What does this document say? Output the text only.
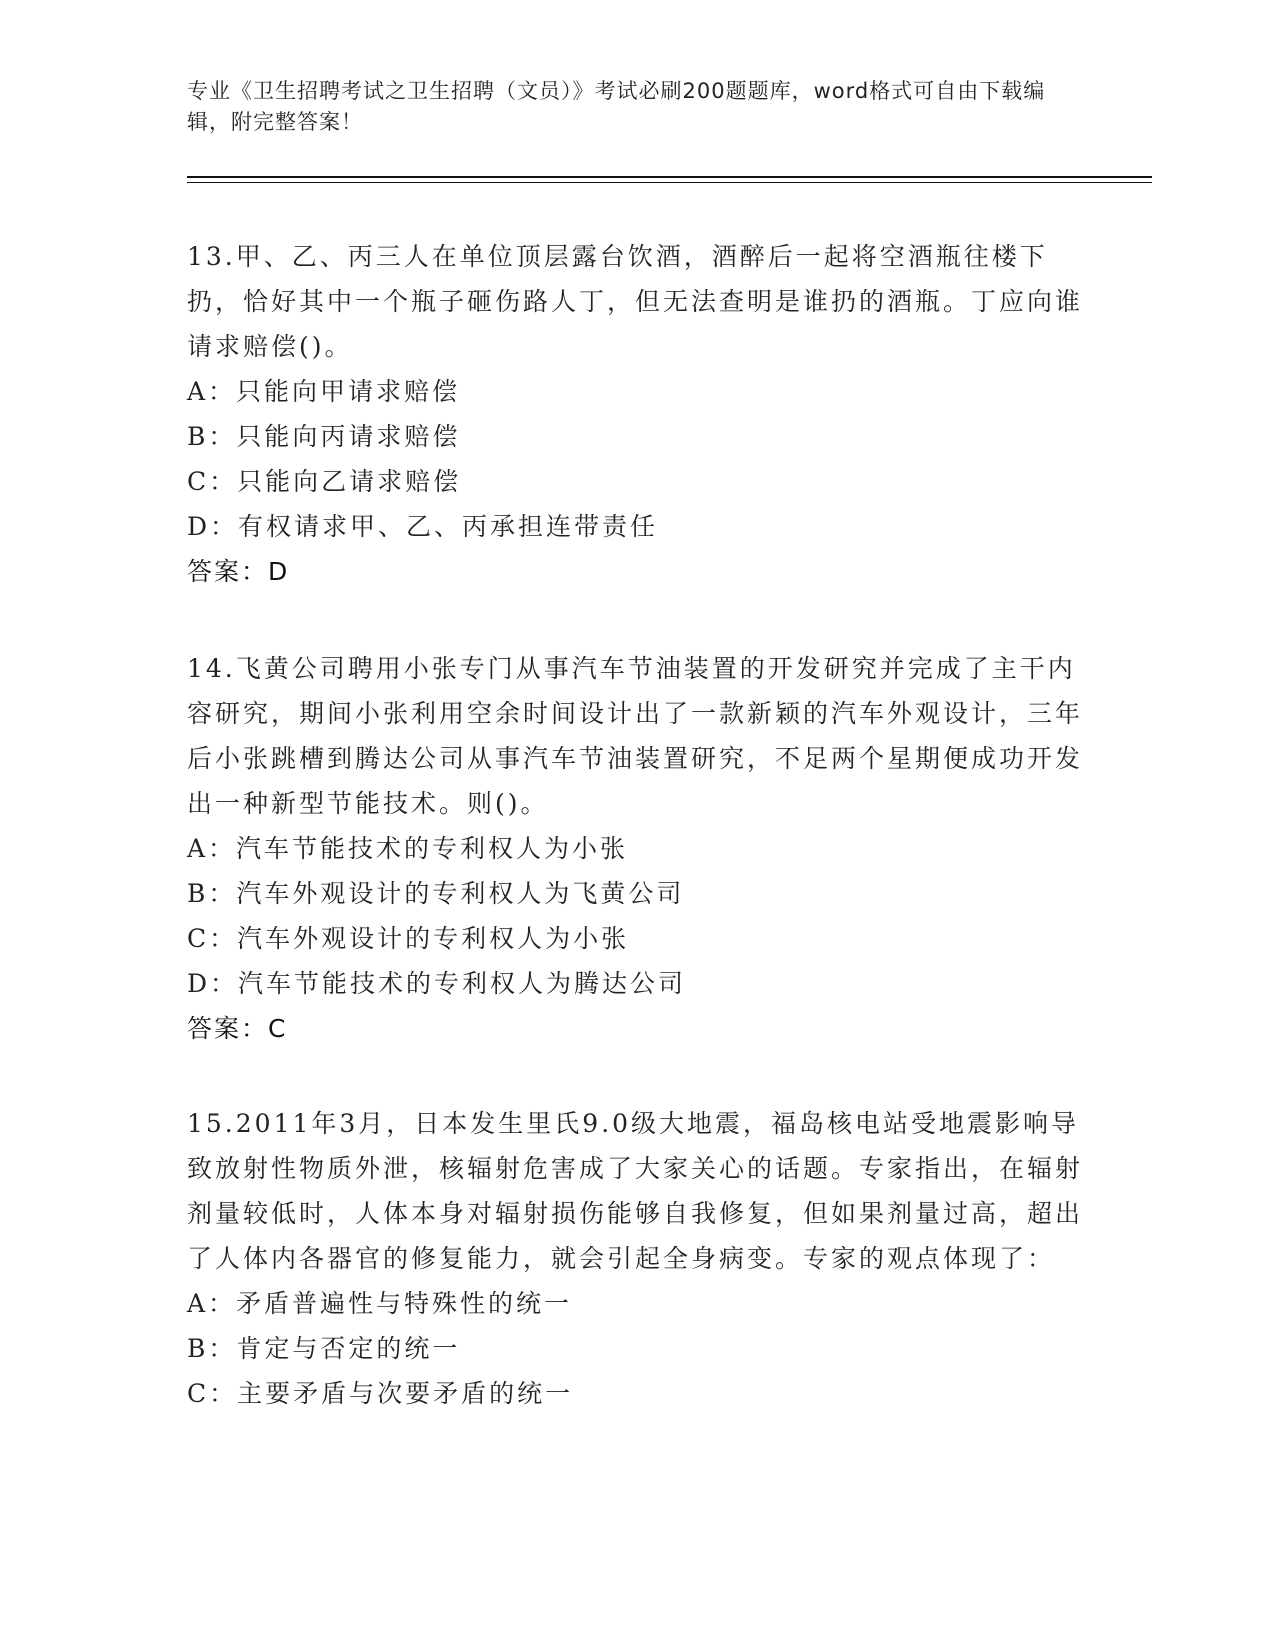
专业《卫生招聘考试之卫生招聘（文员）》考试必刷200题题库，word格式可自由下载编辑，附完整答案！

13.甲、乙、丙三人在单位顶层露台饮酒，酒醉后一起将空酒瓶往楼下扔，恰好其中一个瓶子砸伤路人丁，但无法查明是谁扔的酒瓶。丁应向谁请求赔偿()。

A：只能向甲请求赔偿

B：只能向丙请求赔偿

C：只能向乙请求赔偿

D：有权请求甲、乙、丙承担连带责任

答案：D

14.飞黄公司聘用小张专门从事汽车节油装置的开发研究并完成了主干内容研究，期间小张利用空余时间设计出了一款新颖的汽车外观设计，三年后小张跳槽到腾达公司从事汽车节油装置研究，不足两个星期便成功开发出一种新型节能技术。则()。

A：汽车节能技术的专利权人为小张

B：汽车外观设计的专利权人为飞黄公司

C：汽车外观设计的专利权人为小张

D：汽车节能技术的专利权人为腾达公司

答案：C

15.2011年3月，日本发生里氏9.0级大地震，福岛核电站受地震影响导致放射性物质外泄，核辐射危害成了大家关心的话题。专家指出，在辐射剂量较低时，人体本身对辐射损伤能够自我修复，但如果剂量过高，超出了人体内各器官的修复能力，就会引起全身病变。专家的观点体现了：

A：矛盾普遍性与特殊性的统一

B：肯定与否定的统一

C：主要矛盾与次要矛盾的统一
